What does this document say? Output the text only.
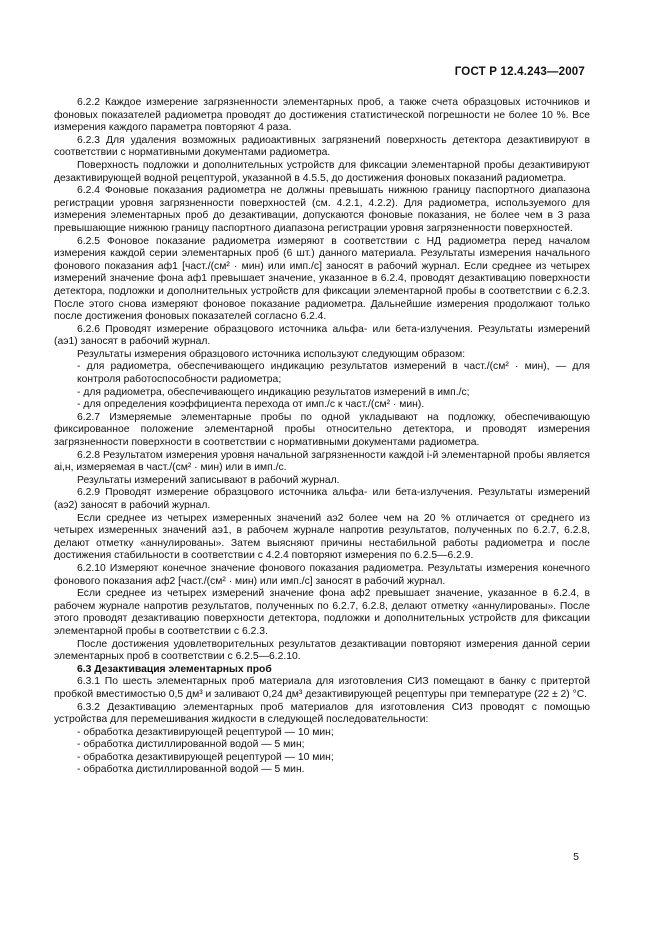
ГОСТ Р 12.4.243—2007

6.2.2 Каждое измерение загрязненности элементарных проб, а также счета образцовых источников и фоновых показателей радиометра проводят до достижения статистической погрешности не более 10 %. Все измерения каждого параметра повторяют 4 раза.

6.2.3 Для удаления возможных радиоактивных загрязнений поверхность детектора дезактивируют в соответствии с нормативными документами радиометра.

Поверхность подложки и дополнительных устройств для фиксации элементарной пробы дезактивируют дезактивирующей водной рецептурой, указанной в 4.5.5, до достижения фоновых показаний радиометра.

6.2.4 Фоновые показания радиометра не должны превышать нижнюю границу паспортного диапазона регистрации уровня загрязненности поверхностей (см. 4.2.1, 4.2.2). Для радиометра, используемого для измерения элементарных проб до дезактивации, допускаются фоновые показания, не более чем в 3 раза превышающие нижнюю границу паспортного диапазона регистрации уровня загрязненности поверхностей.

6.2.5 Фоновое показание радиометра измеряют в соответствии с НД радиометра перед началом измерения каждой серии элементарных проб (6 шт.) данного материала. Результаты измерения начального фонового показания aф1 [част./(см² · мин) или имп./с] заносят в рабочий журнал. Если среднее из четырех измерений значение фона aф1 превышает значение, указанное в 6.2.4, проводят дезактивацию поверхности детектора, подложки и дополнительных устройств для фиксации элементарной пробы в соответствии с 6.2.3. После этого снова измеряют фоновое показание радиометра. Дальнейшие измерения продолжают только после достижения фоновых показателей согласно 6.2.4.

6.2.6 Проводят измерение образцового источника альфа- или бета-излучения. Результаты измерений (aэ1) заносят в рабочий журнал.

Результаты измерения образцового источника используют следующим образом:

- для радиометра, обеспечивающего индикацию результатов измерений в част./(см² · мин), — для контроля работоспособности радиометра;

- для радиометра, обеспечивающего индикацию результатов измерений в имп./с;

- для определения коэффициента перехода от имп./с к част./(см² · мин).

6.2.7 Измеряемые элементарные пробы по одной укладывают на подложку, обеспечивающую фиксированное положение элементарной пробы относительно детектора, и проводят измерения загрязненности поверхности в соответствии с нормативными документами радиометра.

6.2.8 Результатом измерения уровня начальной загрязненности каждой i-й элементарной пробы является ai,н, измеряемая в част./(см² · мин) или в имп./с.

Результаты измерений записывают в рабочий журнал.

6.2.9 Проводят измерение образцового источника альфа- или бета-излучения. Результаты измерений (aэ2) заносят в рабочий журнал.

Если среднее из четырех измеренных значений aэ2 более чем на 20 % отличается от среднего из четырех измеренных значений aэ1, в рабочем журнале напротив результатов, полученных по 6.2.7, 6.2.8, делают отметку «аннулированы». Затем выясняют причины нестабильной работы радиометра и после достижения стабильности в соответствии с 4.2.4 повторяют измерения по 6.2.5—6.2.9.

6.2.10 Измеряют конечное значение фонового показания радиометра. Результаты измерения конечного фонового показания aф2 [част./(см² · мин) или имп./с] заносят в рабочий журнал.

Если среднее из четырех измерений значение фона aф2 превышает значение, указанное в 6.2.4, в рабочем журнале напротив результатов, полученных по 6.2.7, 6.2.8, делают отметку «аннулированы». После этого проводят дезактивацию поверхности детектора, подложки и дополнительных устройств для фиксации элементарной пробы в соответствии с 6.2.3.

После достижения удовлетворительных результатов дезактивации повторяют измерения данной серии элементарных проб в соответствии с 6.2.5—6.2.10.

6.3 Дезактивация элементарных проб

6.3.1 По шесть элементарных проб материала для изготовления СИЗ помещают в банку с притертой пробкой вместимостью 0,5 дм³ и заливают 0,24 дм³ дезактивирующей рецептуры при температуре (22 ± 2) °С.

6.3.2 Дезактивацию элементарных проб материалов для изготовления СИЗ проводят с помощью устройства для перемешивания жидкости в следующей последовательности:

- обработка дезактивирующей рецептурой — 10 мин;

- обработка дистиллированной водой — 5 мин;

- обработка дезактивирующей рецептурой — 10 мин;

- обработка дистиллированной водой — 5 мин.

5
